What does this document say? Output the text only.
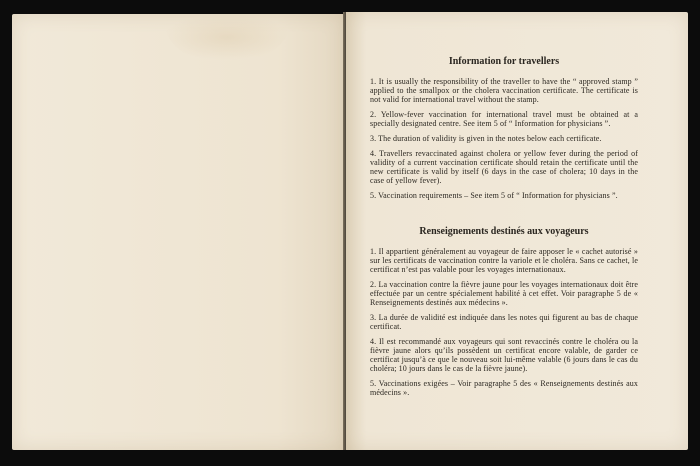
Information for travellers

1. It is usually the responsibility of the traveller to have the “ approved stamp ” applied to the smallpox or the cholera vaccination certificate. The certificate is not valid for international travel without the stamp.

2. Yellow-fever vaccination for international travel must be obtained at a specially designated centre. See item 5 of “ Information for physicians ”.

3. The duration of validity is given in the notes below each certificate.

4. Travellers revaccinated against cholera or yellow fever during the period of validity of a current vaccination certificate should retain the certificate until the new certificate is valid by itself (6 days in the case of cholera; 10 days in the case of yellow fever).

5. Vaccination requirements – See item 5 of “ Information for physicians ”.

Renseignements destinés aux voyageurs

1. Il appartient généralement au voyageur de faire apposer le « cachet autorisé » sur les certificats de vaccination contre la variole et le choléra. Sans ce cachet, le certificat n’est pas valable pour les voyages internationaux.

2. La vaccination contre la fièvre jaune pour les voyages internationaux doit être effectuée par un centre spécialement habilité à cet effet. Voir paragraphe 5 de « Renseignements destinés aux médecins ».

3. La durée de validité est indiquée dans les notes qui figurent au bas de chaque certificat.

4. Il est recommandé aux voyageurs qui sont revaccinés contre le choléra ou la fièvre jaune alors qu’ils possèdent un certificat encore valable, de garder ce certificat jusqu’à ce que le nouveau soit lui-même valable (6 jours dans le cas du choléra; 10 jours dans le cas de la fièvre jaune).

5. Vaccinations exigées – Voir paragraphe 5 des « Renseignements destinés aux médecins ».
